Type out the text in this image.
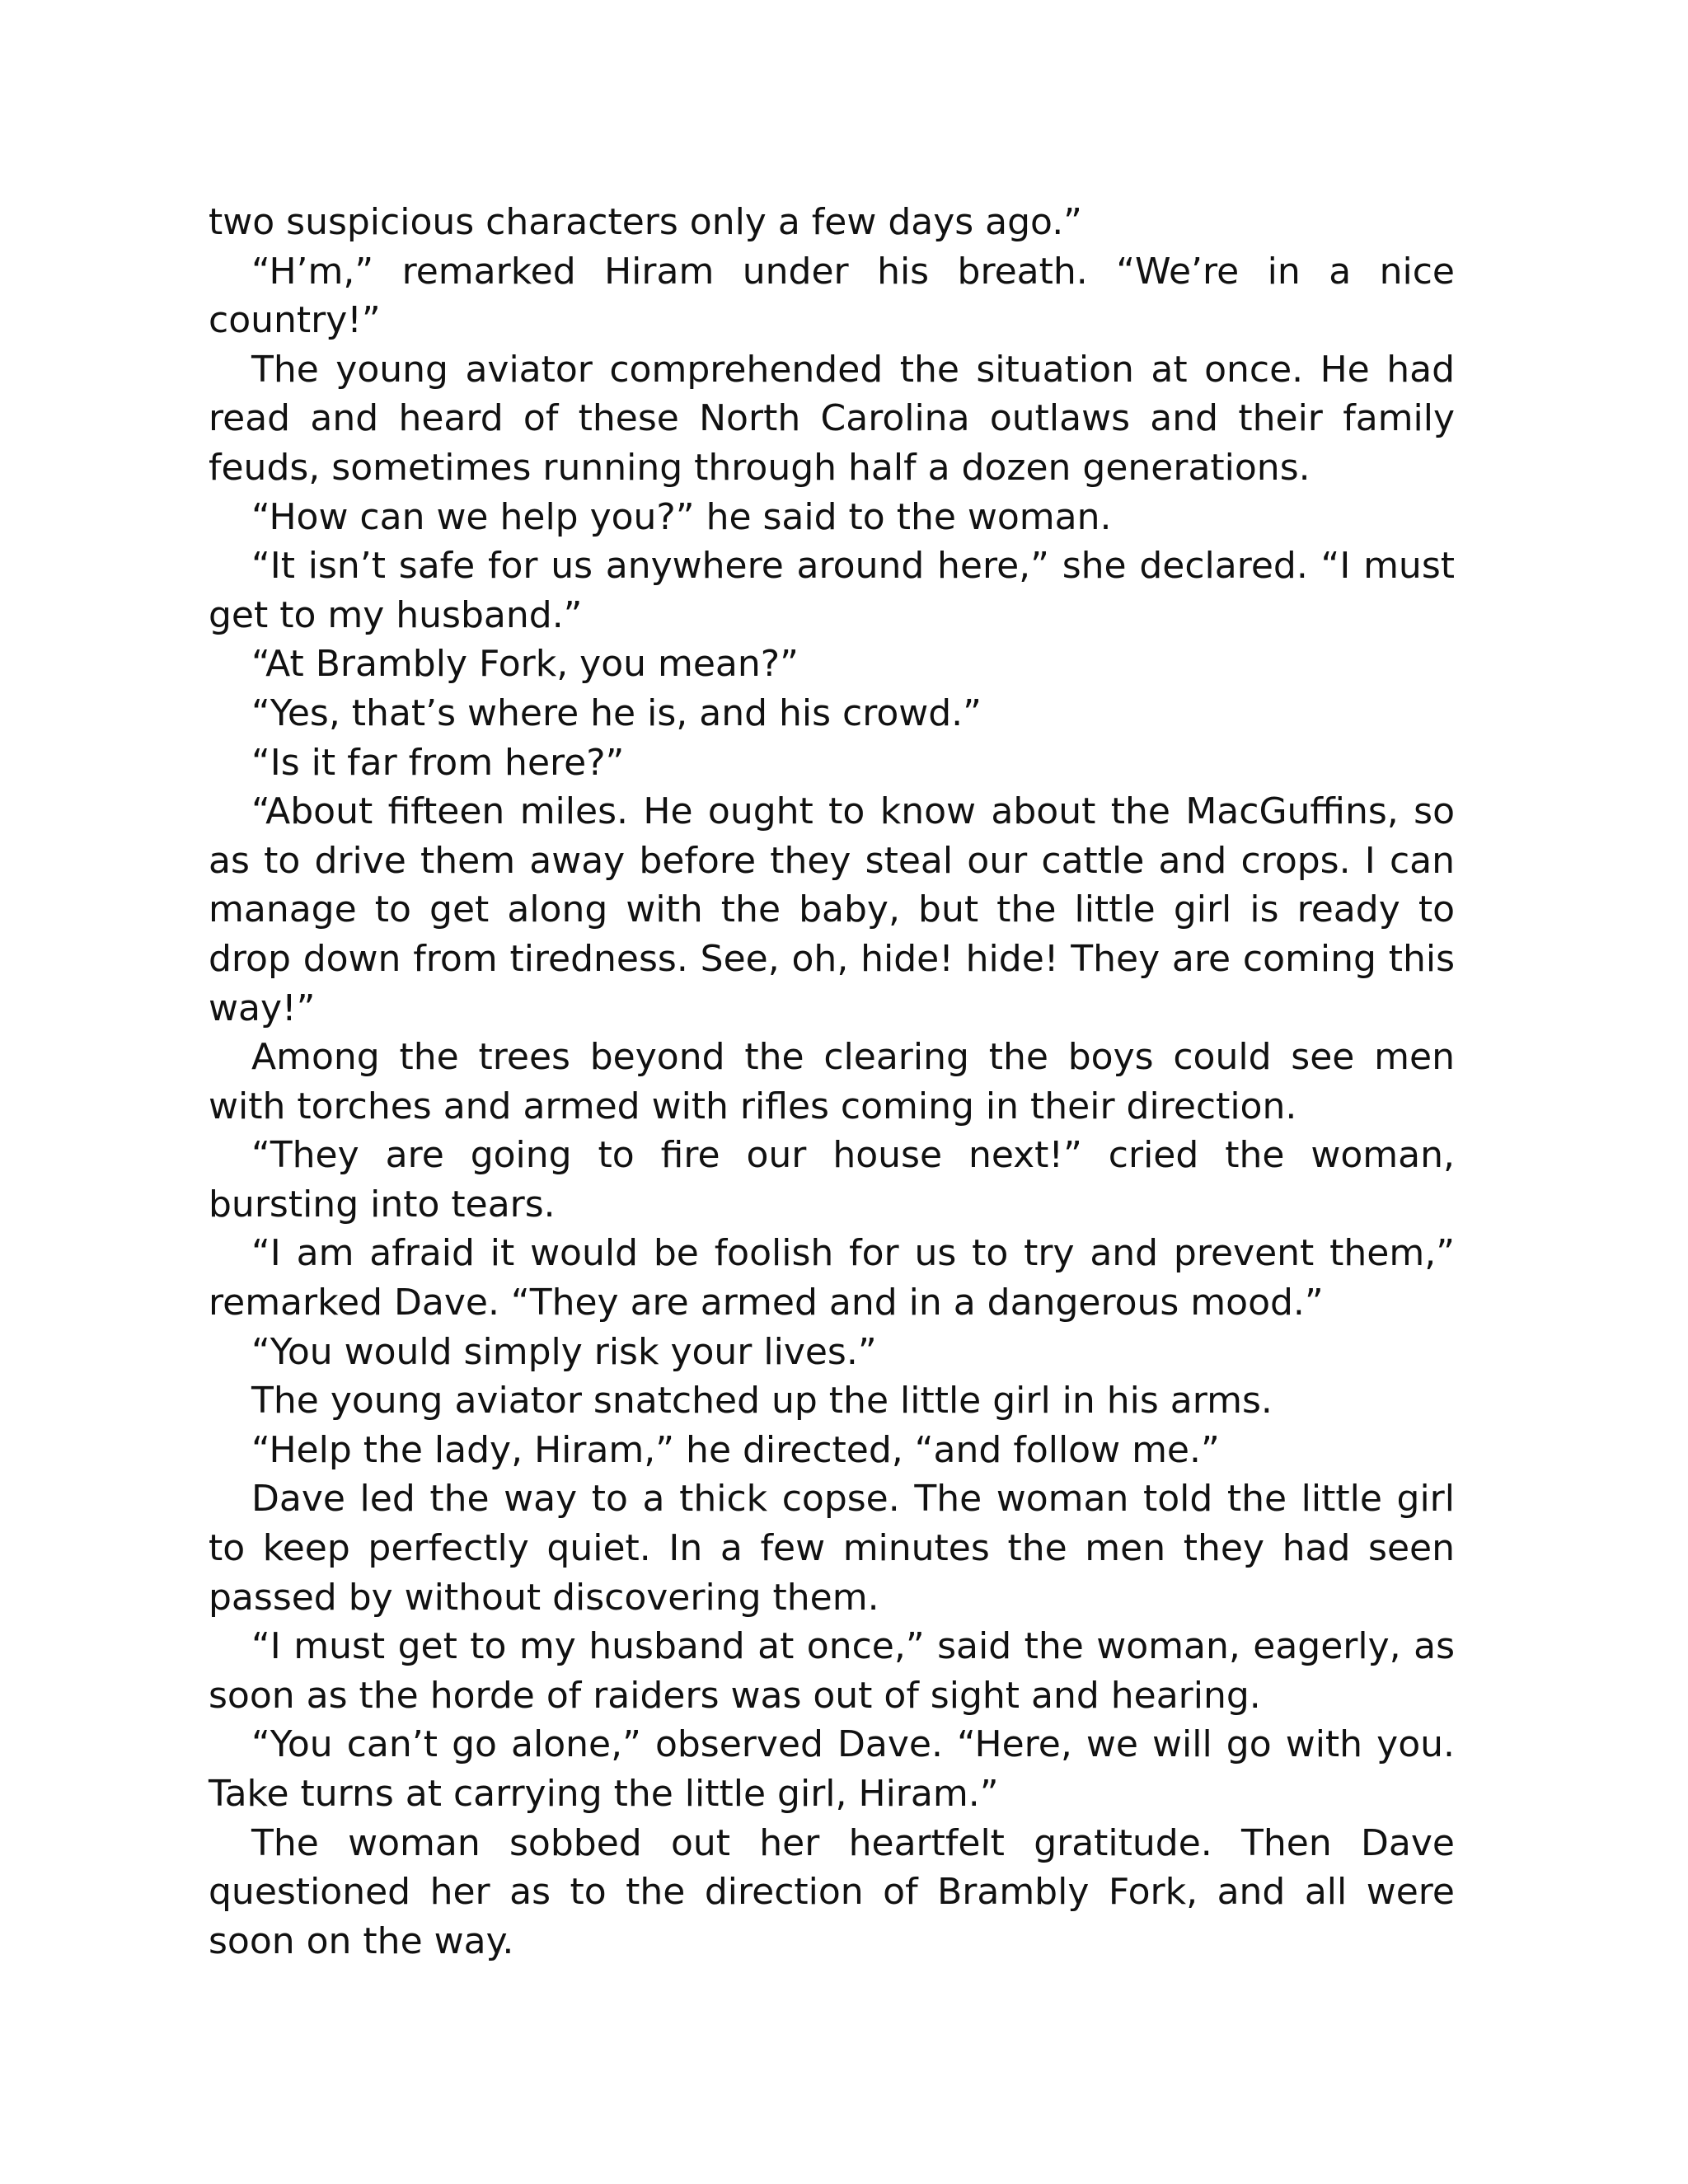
two suspicious characters only a few days ago.”

“H’m,” remarked Hiram under his breath. “We’re in a nice country!”

The young aviator comprehended the situation at once. He had read and heard of these North Carolina outlaws and their family feuds, sometimes running through half a dozen generations.

“How can we help you?” he said to the woman.

“It isn’t safe for us anywhere around here,” she declared. “I must get to my husband.”

“At Brambly Fork, you mean?”

“Yes, that’s where he is, and his crowd.”

“Is it far from here?”

“About fifteen miles. He ought to know about the MacGuffins, so as to drive them away before they steal our cattle and crops. I can manage to get along with the baby, but the little girl is ready to drop down from tiredness. See, oh, hide! hide! They are coming this way!”

Among the trees beyond the clearing the boys could see men with torches and armed with rifles coming in their direction.

“They are going to fire our house next!” cried the woman, bursting into tears.

“I am afraid it would be foolish for us to try and prevent them,” remarked Dave. “They are armed and in a dangerous mood.”

“You would simply risk your lives.”

The young aviator snatched up the little girl in his arms.

“Help the lady, Hiram,” he directed, “and follow me.”

Dave led the way to a thick copse. The woman told the little girl to keep perfectly quiet. In a few minutes the men they had seen passed by without discovering them.

“I must get to my husband at once,” said the woman, eagerly, as soon as the horde of raiders was out of sight and hearing.

“You can’t go alone,” observed Dave. “Here, we will go with you. Take turns at carrying the little girl, Hiram.”

The woman sobbed out her heartfelt gratitude. Then Dave questioned her as to the direction of Brambly Fork, and all were soon on the way.
